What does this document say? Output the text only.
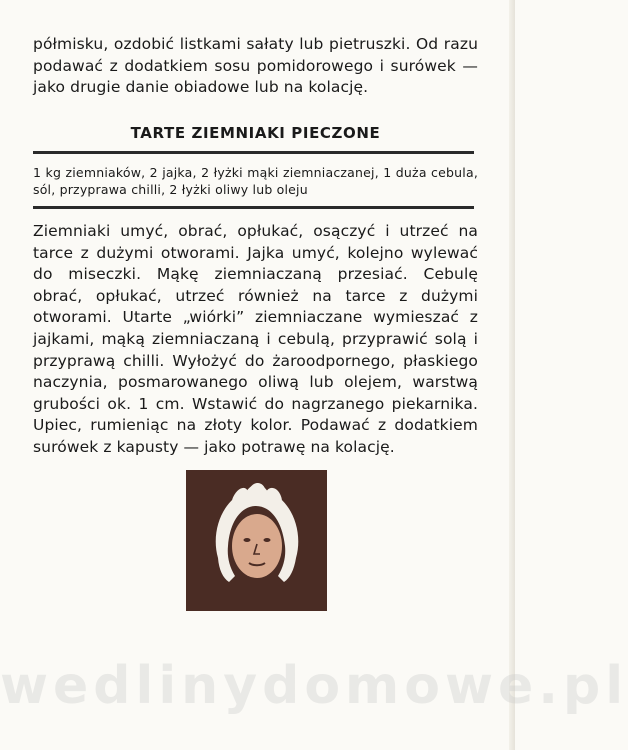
półmisku, ozdobić listkami sałaty lub pietruszki. Od razu podawać z dodatkiem sosu pomidorowego i surówek — jako drugie danie obiadowe lub na kolację.

TARTE ZIEMNIAKI PIECZONE

1 kg ziemniaków, 2 jajka, 2 łyżki mąki ziemniaczanej, 1 duża cebula, sól, przyprawa chilli, 2 łyżki oliwy lub oleju

Ziemniaki umyć, obrać, opłukać, osączyć i utrzeć na tarce z dużymi otworami. Jajka umyć, kolejno wylewać do miseczki. Mąkę ziemniaczaną przesiać. Cebulę obrać, opłukać, utrzeć również na tarce z dużymi otworami. Utarte „wiórki” ziemniaczane wymieszać z jajkami, mąką ziemniaczaną i cebulą, przyprawić solą i przyprawą chilli. Wyłożyć do żaroodpornego, płaskiego naczynia, posmarowanego oliwą lub olejem, warstwą grubości ok. 1 cm. Wstawić do nagrzanego piekarnika. Upiec, rumieniąc na złoty kolor. Podawać z dodatkiem surówek z kapusty — jako potrawę na kolację.

wedlinydomowe.pl
